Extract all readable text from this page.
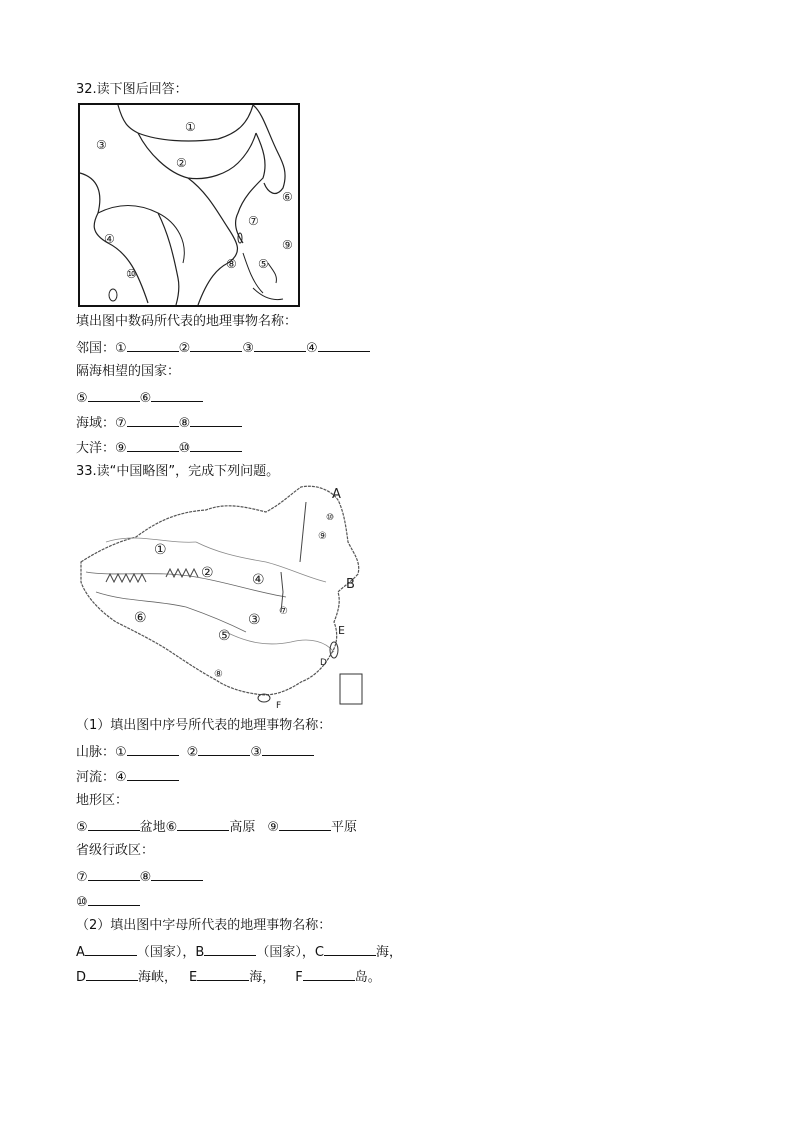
32.读下图后回答：
①
②
③
④
⑤
⑥
⑦
⑧
⑨
⑩
填出图中数码所代表的地理事物名称：
邻国：①	②	③	④
隔海相望的国家：
⑤	⑥
海域：⑦	⑧
大洋：⑨	⑩
33.读“中国略图”，完成下列问题。
①
②
③
④
⑤
⑥	⑦
⑧
⑨
⑩
A
B
D
E
F
（1）填出图中序号所代表的地理事物名称：
山脉：①	②	③
河流：④
地形区：
⑤	盆地⑥	高原 ⑨	平原
省级行政区：
⑦	⑧
⑩
（2）填出图中字母所代表的地理事物名称：
A	（国家），B	（国家），C	海，
D	海峡， E	海， F	岛。
